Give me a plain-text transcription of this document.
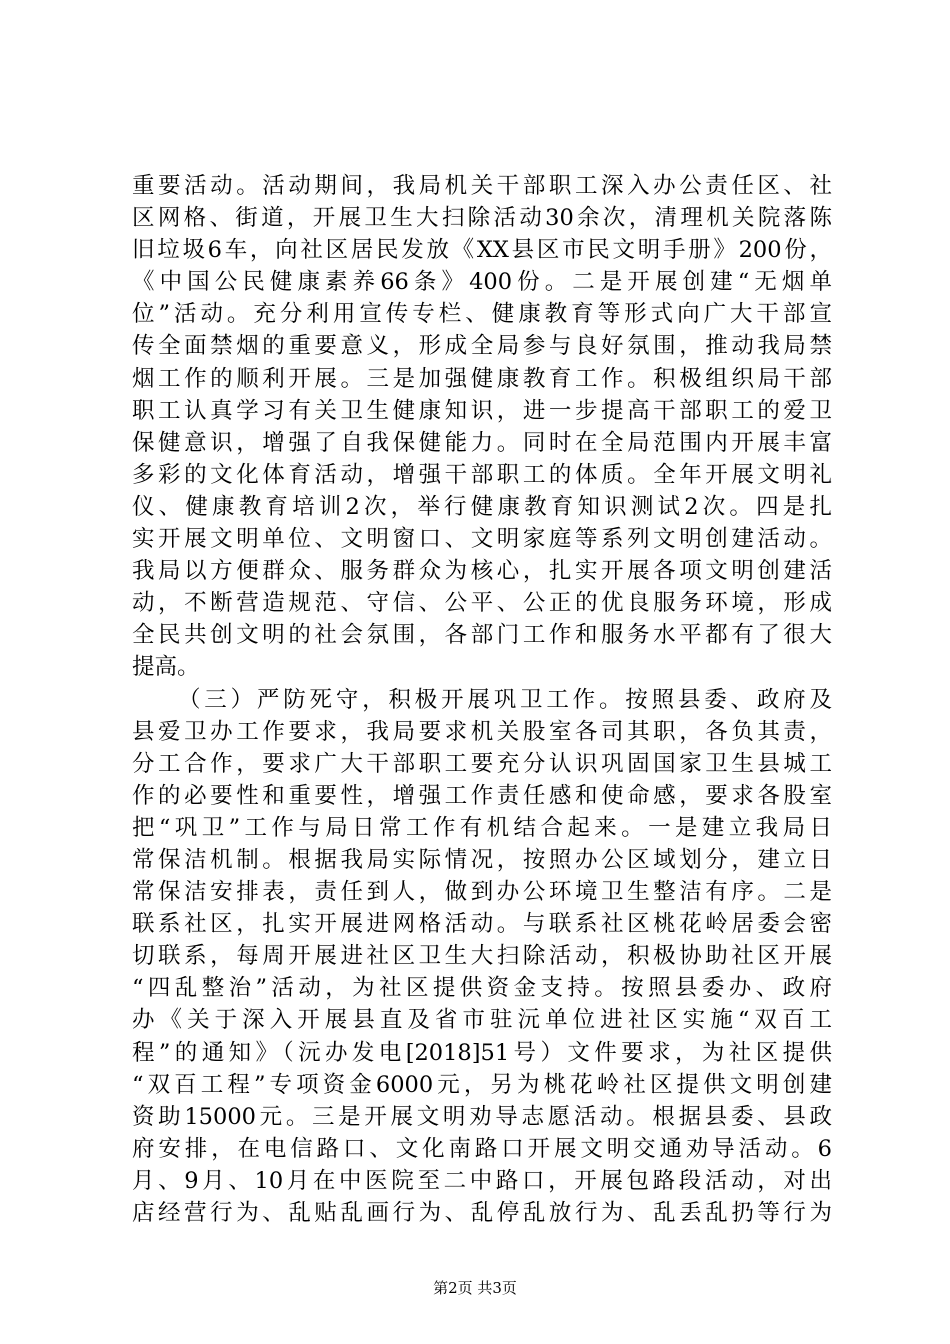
重要活动。活动期间，我局机关干部职工深入办公责任区、社
区网格、街道，开展卫生大扫除活动30余次，清理机关院落陈
旧垃圾6车，向社区居民发放《XX县区市民文明手册》200份，
《中国公民健康素养66条》400份。二是开展创建“无烟单
位”活动。充分利用宣传专栏、健康教育等形式向广大干部宣
传全面禁烟的重要意义，形成全局参与良好氛围，推动我局禁
烟工作的顺利开展。三是加强健康教育工作。积极组织局干部
职工认真学习有关卫生健康知识，进一步提高干部职工的爱卫
保健意识，增强了自我保健能力。同时在全局范围内开展丰富
多彩的文化体育活动，增强干部职工的体质。全年开展文明礼
仪、健康教育培训2次，举行健康教育知识测试2次。四是扎
实开展文明单位、文明窗口、文明家庭等系列文明创建活动。
我局以方便群众、服务群众为核心，扎实开展各项文明创建活
动，不断营造规范、守信、公平、公正的优良服务环境，形成
全民共创文明的社会氛围，各部门工作和服务水平都有了很大
提高。
（三）严防死守，积极开展巩卫工作。按照县委、政府及
县爱卫办工作要求，我局要求机关股室各司其职，各负其责，
分工合作，要求广大干部职工要充分认识巩固国家卫生县城工
作的必要性和重要性，增强工作责任感和使命感，要求各股室
把“巩卫”工作与局日常工作有机结合起来。一是建立我局日
常保洁机制。根据我局实际情况，按照办公区域划分，建立日
常保洁安排表，责任到人，做到办公环境卫生整洁有序。二是
联系社区，扎实开展进网格活动。与联系社区桃花岭居委会密
切联系，每周开展进社区卫生大扫除活动，积极协助社区开展
“四乱整治”活动，为社区提供资金支持。按照县委办、政府
办《关于深入开展县直及省市驻沅单位进社区实施“双百工
程”的通知》（沅办发电[2018]51号）文件要求，为社区提供
“双百工程”专项资金6000元，另为桃花岭社区提供文明创建
资助15000元。三是开展文明劝导志愿活动。根据县委、县政
府安排，在电信路口、文化南路口开展文明交通劝导活动。6
月、9月、10月在中医院至二中路口，开展包路段活动，对出
店经营行为、乱贴乱画行为、乱停乱放行为、乱丢乱扔等行为
第2页 共3页
